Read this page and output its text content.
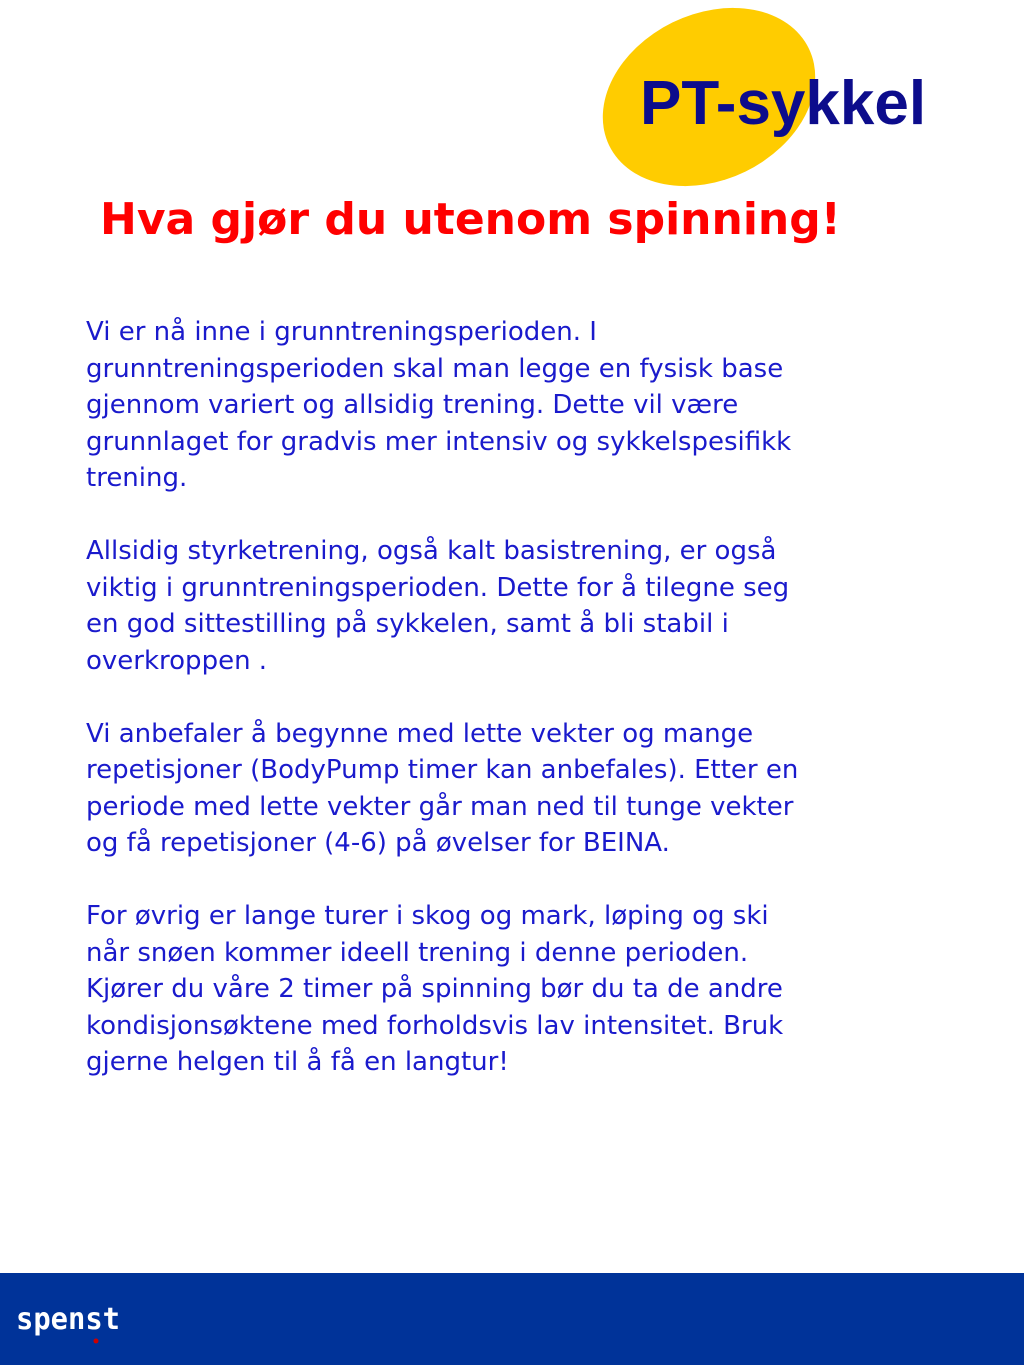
PT-sykkel
Hva gjør du utenom spinning!

Vi er nå inne i grunntreningsperioden. I
grunntreningsperioden skal man legge en fysisk base
gjennom variert og allsidig trening. Dette vil være
grunnlaget for gradvis mer intensiv og sykkelspesifikk
trening.

Allsidig styrketrening, også kalt basistrening, er også
viktig i grunntreningsperioden. Dette for å tilegne seg
en god sittestilling på sykkelen, samt å bli stabil i
overkroppen .

Vi anbefaler å begynne med lette vekter og mange
repetisjoner (BodyPump timer kan anbefales). Etter en
periode med lette vekter går man ned til tunge vekter
og få repetisjoner (4-6) på øvelser for BEINA.

For øvrig er lange turer i skog og mark, løping og ski
når snøen kommer ideell trening i denne perioden.
Kjører du våre 2 timer på spinning bør du ta de andre
kondisjonsøktene med forholdsvis lav intensitet. Bruk
gjerne helgen til å få en langtur!

spenst
